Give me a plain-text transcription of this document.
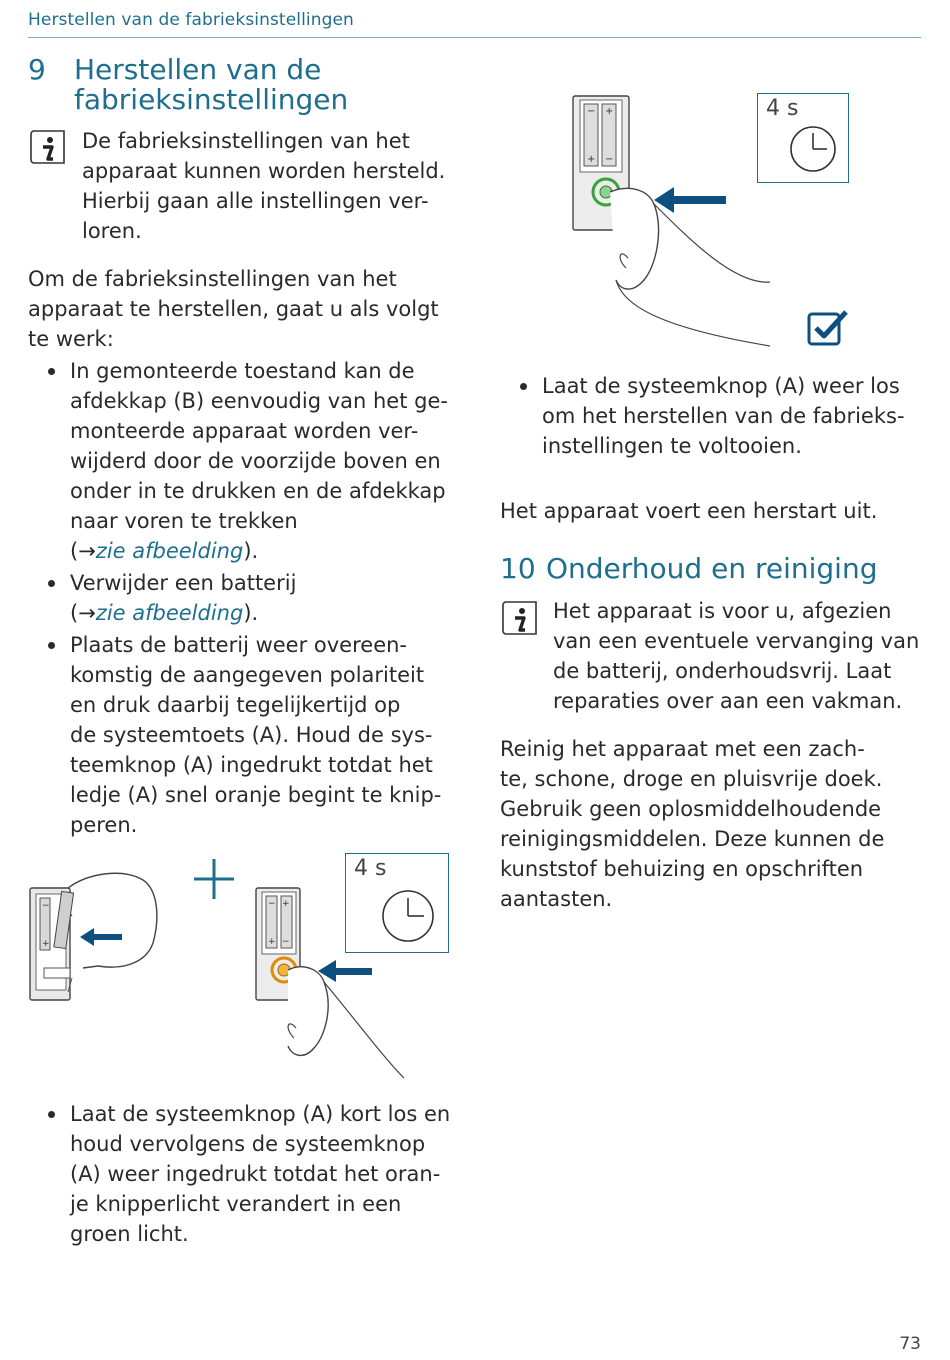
Herstellen van de fabrieksinstellingen
9 Herstellen van de
fabrieksinstellingen
De fabrieksinstellingen van het
apparaat kunnen worden hersteld.
Hierbij gaan alle instellingen ver-
loren.
Om de fabrieksinstellingen van het
apparaat te herstellen, gaat u als volgt
te werk:
In gemonteerde toestand kan de
afdekkap (B) eenvoudig van het ge-
monteerde apparaat worden ver-
wijderd door de voorzijde boven en
onder in te drukken en de afdekkap
naar voren te trekken
(→zie afbeelding).
Verwijder een batterij
(→zie afbeelding).
Plaats de batterij weer overeen-
komstig de aangegeven polariteit
en druk daarbij tegelijkertijd op
de systeemtoets (A). Houd de sys-
teemknop (A) ingedrukt totdat het
ledje (A) snel oranje begint te knip-
peren.
−
+
− +
+ −
4 s
Laat de systeemknop (A) kort los en
houd vervolgens de systeemknop
(A) weer ingedrukt totdat het oran-
je knipperlicht verandert in een
groen licht.
− +
+ −
4 s
Laat de systeemknop (A) weer los
om het herstellen van de fabrieks-
instellingen te voltooien.
Het apparaat voert een herstart uit.
10 Onderhoud en reiniging
Het apparaat is voor u, afgezien
van een eventuele vervanging van
de batterij, onderhoudsvrij. Laat
reparaties over aan een vakman.
Reinig het apparaat met een zach-
te, schone, droge en pluisvrije doek.
Gebruik geen oplosmiddelhoudende
reinigingsmiddelen. Deze kunnen de
kunststof behuizing en opschriften
aantasten.
73
